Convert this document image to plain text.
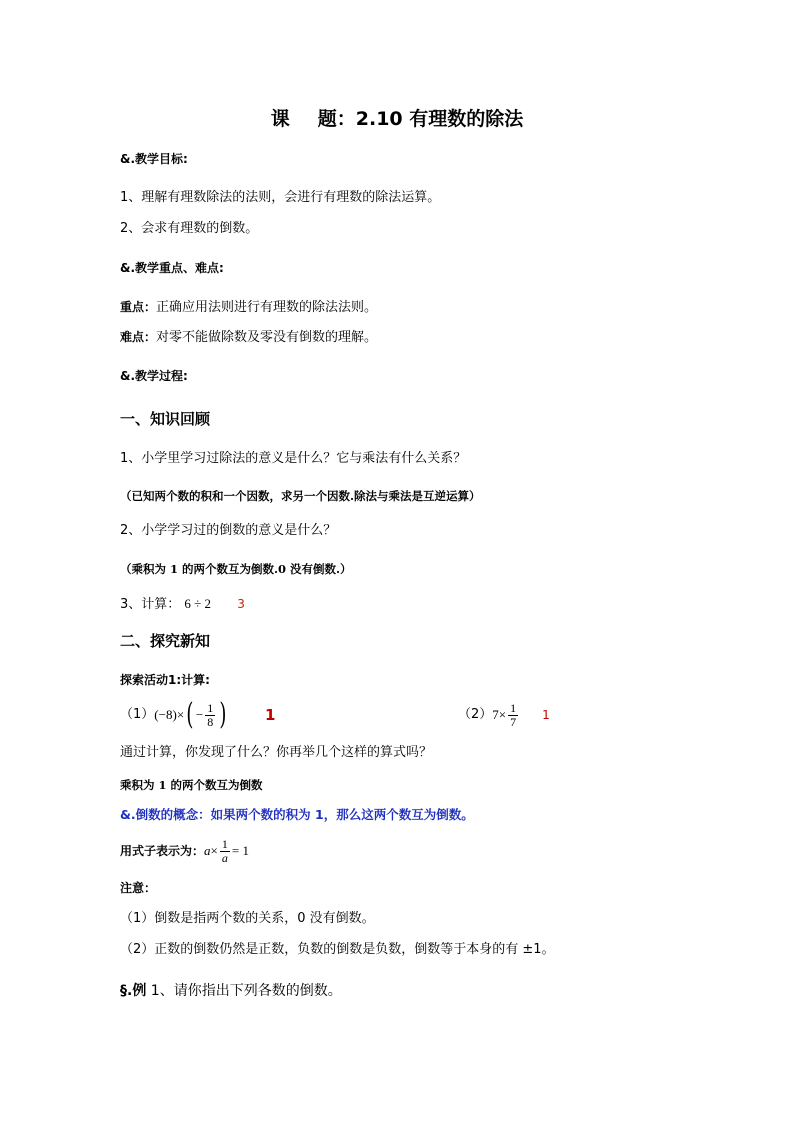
课 题：2.10 有理数的除法
&.教学目标:
1、理解有理数除法的法则，会进行有理数的除法运算。
2、会求有理数的倒数。
&.教学重点、难点:
重点：正确应用法则进行有理数的除法法则。
难点：对零不能做除数及零没有倒数的理解。
&.教学过程:
一、知识回顾
1、小学里学习过除法的意义是什么？它与乘法有什么关系？
（已知两个数的积和一个因数，求另一个因数.除法与乘法是互逆运算）
2、小学学习过的倒数的意义是什么？
（乘积为 1 的两个数互为倒数.0 没有倒数.）
3、计算： 6 ÷ 2 3
二、探究新知
探索活动1:计算:
（1） (−8) × ( − $\frac{1}{8}$ )	1	（2） $7 \times \frac{1}{7} 1$
通过计算，你发现了什么？你再举几个这样的算式吗？
乘积为 1 的两个数互为倒数
&.倒数的概念：如果两个数的积为 1，那么这两个数互为倒数。
用式子表示为： $a \times \frac{1}{a} = 1$
注意：
（1）倒数是指两个数的关系，0 没有倒数。
（2）正数的倒数仍然是正数，负数的倒数是负数，倒数等于本身的有 ±1。
§.例 1、请你指出下列各数的倒数。
